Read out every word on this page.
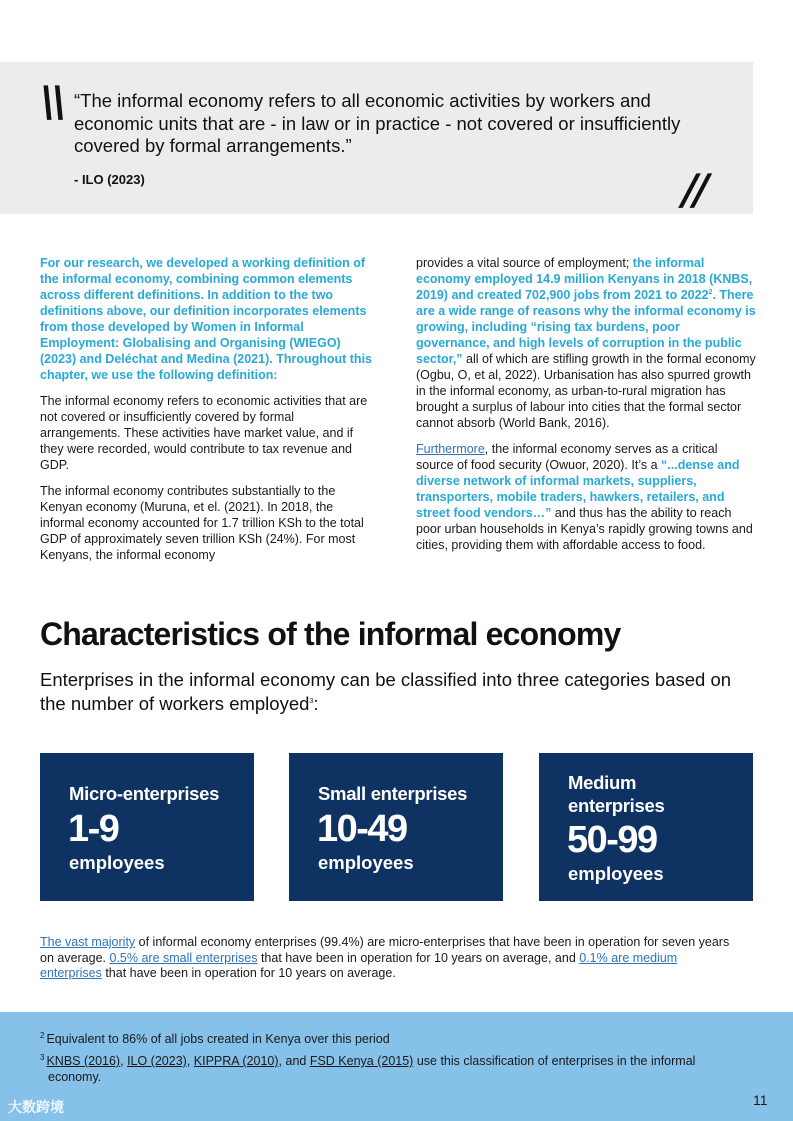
\\ “The informal economy refers to all economic activities by workers and economic units that are - in law or in practice - not covered or insufficiently covered by formal arrangements.”
- ILO (2023)	//

For our research, we developed a working definition of the informal economy, combining common elements across different definitions. In addition to the two definitions above, our definition incorporates elements from those developed by Women in Informal Employment: Globalising and Organising (WIEGO) (2023) and Deléchat and Medina (2021). Throughout this chapter, we use the following definition:

The informal economy refers to economic activities that are not covered or insufficiently covered by formal arrangements. These activities have market value, and if they were recorded, would contribute to tax revenue and GDP.

The informal economy contributes substantially to the Kenyan economy (Muruna, et el. (2021). In 2018, the informal economy accounted for 1.7 trillion KSh to the total GDP of approximately seven trillion KSh (24%). For most Kenyans, the informal economy

provides a vital source of employment; the informal economy employed 14.9 million Kenyans in 2018 (KNBS, 2019) and created 702,900 jobs from 2021 to 2022$^2$. There are a wide range of reasons why the informal economy is growing, including “rising tax burdens, poor governance, and high levels of corruption in the public sector,” all of which are stifling growth in the formal economy (Ogbu, O, et al, 2022). Urbanisation has also spurred growth in the informal economy, as urban-to-rural migration has brought a surplus of labour into cities that the formal sector cannot absorb (World Bank, 2016).

Furthermore, the informal economy serves as a critical source of food security (Owuor, 2020). It’s a “...dense and diverse network of informal markets, suppliers, transporters, mobile traders, hawkers, retailers, and street food vendors…” and thus has the ability to reach poor urban households in Kenya’s rapidly growing towns and cities, providing them with affordable access to food.

Characteristics of the informal economy
Enterprises in the informal economy can be classified into three categories based on the number of workers employed$^3$:
Micro-enterprises
1-9
employees
Small enterprises
10-49
employees
Medium enterprises
50-99
employees
The vast majority of informal economy enterprises (99.4%) are micro-enterprises that have been in operation for seven years on average. 0.5% are small enterprises that have been in operation for 10 years on average, and 0.1% are medium enterprises that have been in operation for 10 years on average.
$^2$ Equivalent to 86% of all jobs created in Kenya over this period
$^3$ KNBS (2016), ILO (2023), KIPPRA (2010), and FSD Kenya (2015) use this classification of enterprises in the informal economy.
大数跨境	11
